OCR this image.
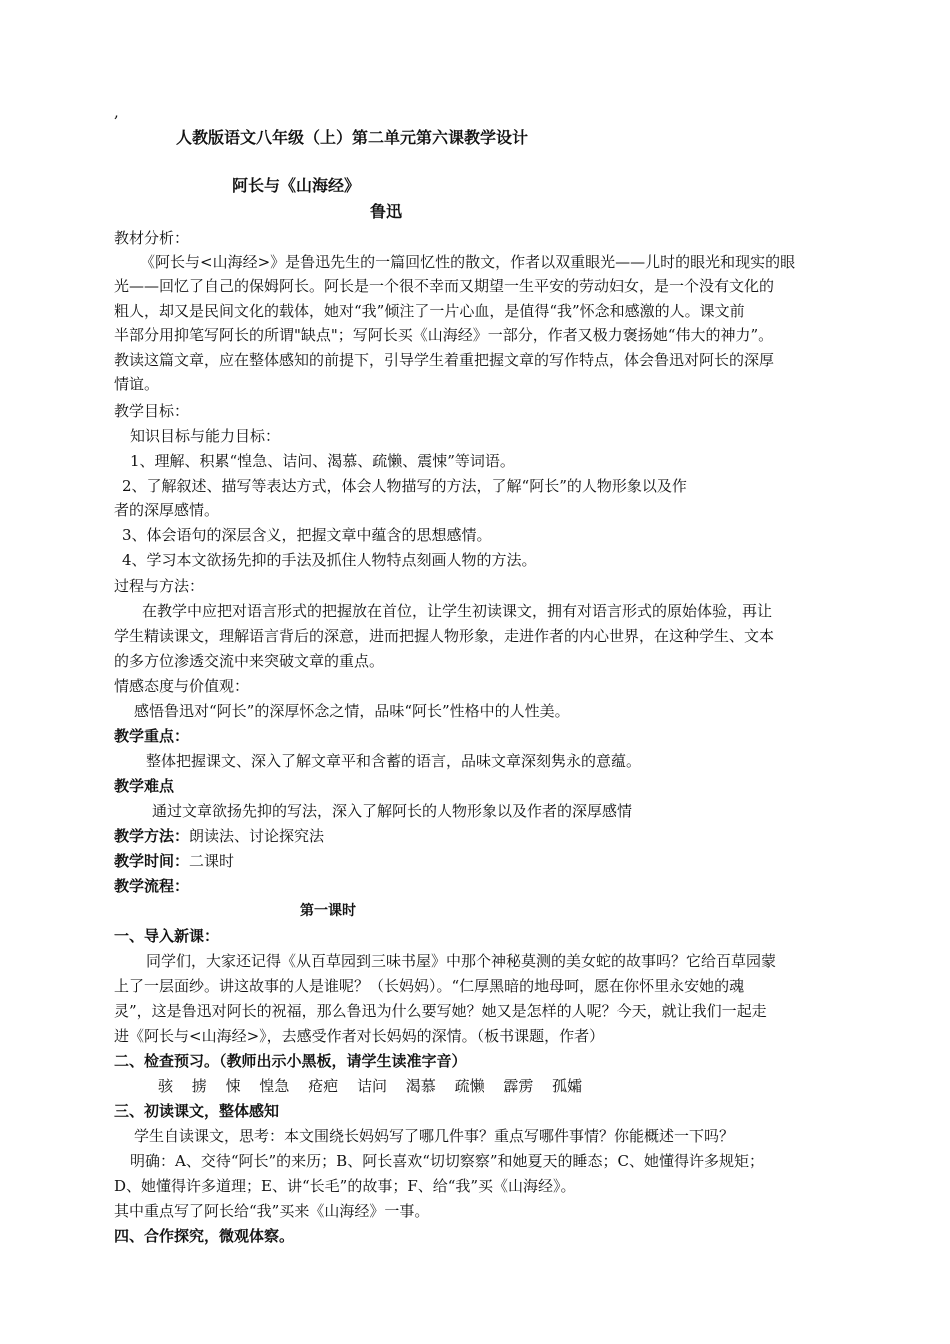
,
人教版语文八年级（上）第二单元第六课教学设计
阿长与《山海经》
鲁迅
教材分析：
《阿长与<山海经>》是鲁迅先生的一篇回忆性的散文，作者以双重眼光——儿时的眼光和现实的眼
光——回忆了自己的保姆阿长。阿长是一个很不幸而又期望一生平安的劳动妇女，是一个没有文化的
粗人，却又是民间文化的载体，她对“我”倾注了一片心血，是值得“我”怀念和感激的人。课文前
半部分用抑笔写阿长的所谓"缺点"；写阿长买《山海经》一部分，作者又极力褒扬她“伟大的神力”。
教读这篇文章，应在整体感知的前提下，引导学生着重把握文章的写作特点，体会鲁迅对阿长的深厚
情谊。
教学目标：
知识目标与能力目标：
1、理解、积累“惶急、诘问、渴慕、疏懒、震悚”等词语。
2、了解叙述、描写等表达方式，体会人物描写的方法，了解“阿长”的人物形象以及作
者的深厚感情。
3、体会语句的深层含义，把握文章中蕴含的思想感情。
4、学习本文欲扬先抑的手法及抓住人物特点刻画人物的方法。
过程与方法：
在教学中应把对语言形式的把握放在首位，让学生初读课文，拥有对语言形式的原始体验，再让
学生精读课文，理解语言背后的深意，进而把握人物形象，走进作者的内心世界，在这种学生、文本
的多方位渗透交流中来突破文章的重点。
情感态度与价值观：
感悟鲁迅对“阿长”的深厚怀念之情，品味“阿长”性格中的人性美。
教学重点：
整体把握课文、深入了解文章平和含蓄的语言，品味文章深刻隽永的意蕴。
教学难点
通过文章欲扬先抑的写法，深入了解阿长的人物形象以及作者的深厚感情
教学方法：朗读法、讨论探究法
教学时间：二课时
教学流程：
第一课时
一、导入新课：
同学们，大家还记得《从百草园到三味书屋》中那个神秘莫测的美女蛇的故事吗？它给百草园蒙
上了一层面纱。讲这故事的人是谁呢？（长妈妈）。“仁厚黑暗的地母呵，愿在你怀里永安她的魂
灵”，这是鲁迅对阿长的祝福，那么鲁迅为什么要写她？她又是怎样的人呢？今天，就让我们一起走
进《阿长与<山海经>》，去感受作者对长妈妈的深情。（板书课题，作者）
二、检查预习。（教师出示小黑板，请学生读准字音）
骇 掳 悚 惶急 疮疤 诘问 渴慕 疏懒 霹雳 孤孀
三、初读课文，整体感知
学生自读课文，思考：本文围绕长妈妈写了哪几件事？重点写哪件事情？你能概述一下吗？
明确：A、交待“阿长”的来历；B、阿长喜欢“切切察察”和她夏天的睡态；C、她懂得许多规矩；
D、她懂得许多道理；E、讲“长毛”的故事；F、给“我”买《山海经》。
其中重点写了阿长给“我”买来《山海经》一事。
四、合作探究，微观体察。
